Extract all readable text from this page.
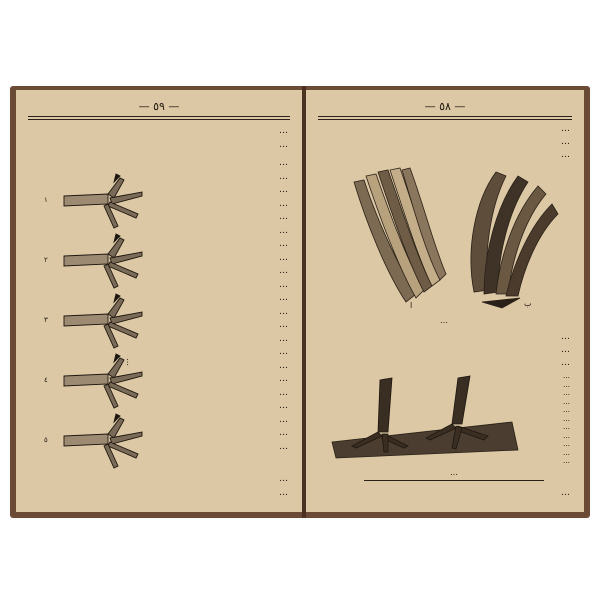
— ٥٩ —
…
…
…
…
…
…
…
…
…
…
…
…
…
…
…
…
…
…
…
…
…
…
…
…
…
١
٢
٣
٤
٥
…
…
— ٥٨ —
…
…
…
ا	ب
…
…
…
…
…
…
…
…
…
…
…
…
…
…
…
…
…
